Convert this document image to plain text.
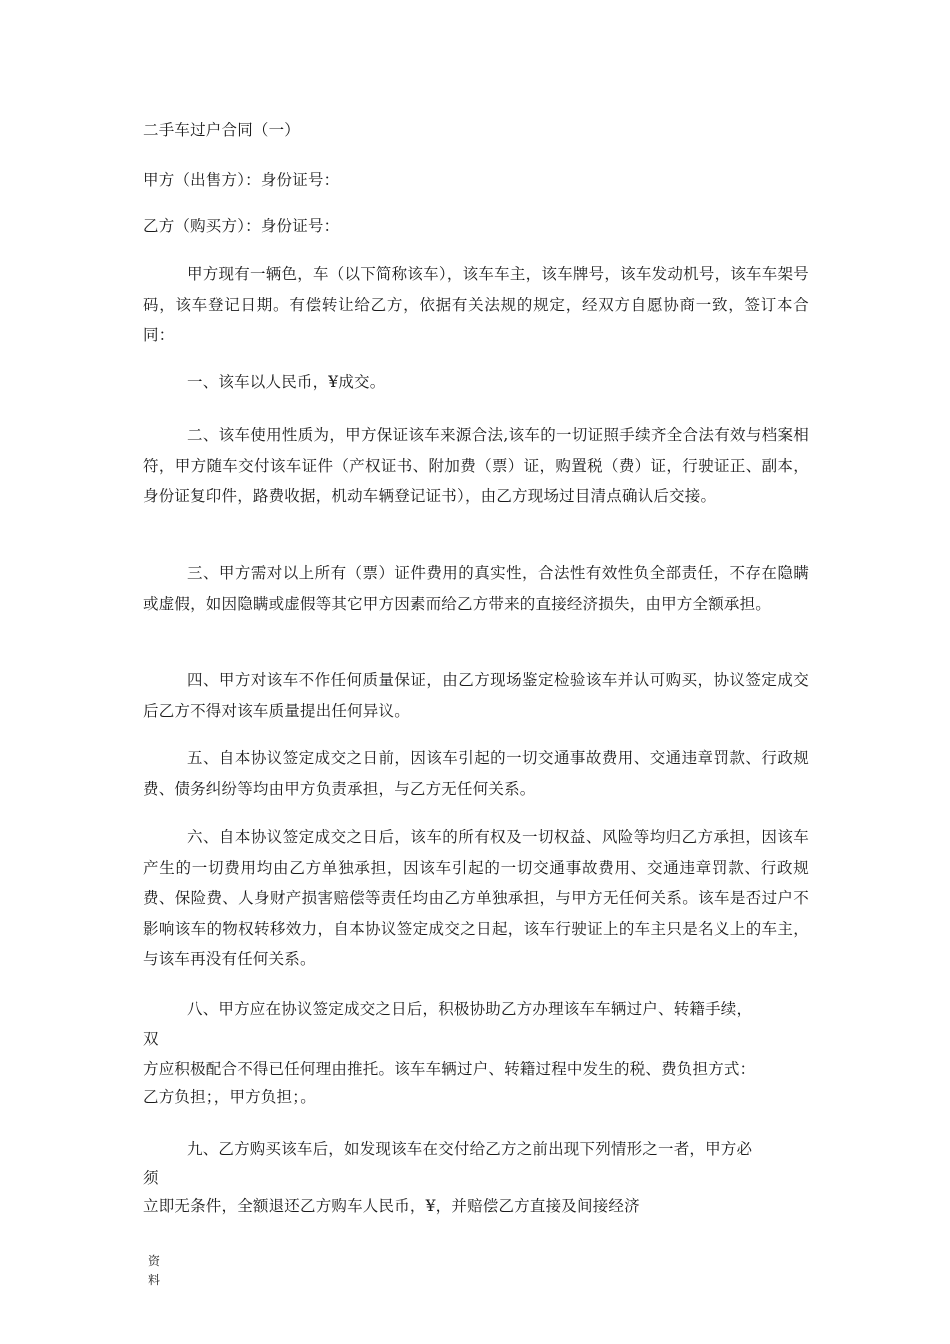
二手车过户合同（一）
甲方（出售方）：身份证号：
乙方（购买方）：身份证号：
甲方现有一辆色，车（以下简称该车），该车车主，该车牌号，该车发动机号，该车车架号码，该车登记日期。有偿转让给乙方，依据有关法规的规定，经双方自愿协商一致，签订本合同：
一、该车以人民币，¥成交。
二、该车使用性质为，甲方保证该车来源合法,该车的一切证照手续齐全合法有效与档案相符，甲方随车交付该车证件（产权证书、附加费（票）证，购置税（费）证，行驶证正、副本，身份证复印件，路费收据，机动车辆登记证书），由乙方现场过目清点确认后交接。
三、甲方需对以上所有（票）证件费用的真实性，合法性有效性负全部责任，不存在隐瞒或虚假，如因隐瞒或虚假等其它甲方因素而给乙方带来的直接经济损失，由甲方全额承担。
四、甲方对该车不作任何质量保证，由乙方现场鉴定检验该车并认可购买，协议签定成交后乙方不得对该车质量提出任何异议。
五、自本协议签定成交之日前，因该车引起的一切交通事故费用、交通违章罚款、行政规费、债务纠纷等均由甲方负责承担，与乙方无任何关系。
六、自本协议签定成交之日后，该车的所有权及一切权益、风险等均归乙方承担，因该车产生的一切费用均由乙方单独承担，因该车引起的一切交通事故费用、交通违章罚款、行政规费、保险费、人身财产损害赔偿等责任均由乙方单独承担，与甲方无任何关系。该车是否过户不影响该车的物权转移效力，自本协议签定成交之日起，该车行驶证上的车主只是名义上的车主，与该车再没有任何关系。
八、甲方应在协议签定成交之日后，积极协助乙方办理该车车辆过户、转籍手续，
双
方应积极配合不得已任何理由推托。该车车辆过户、转籍过程中发生的税、费负担方式：
乙方负担；，甲方负担；。
九、乙方购买该车后，如发现该车在交付给乙方之前出现下列情形之一者，甲方必
须
立即无条件，全额退还乙方购车人民币，¥，并赔偿乙方直接及间接经济
资料
